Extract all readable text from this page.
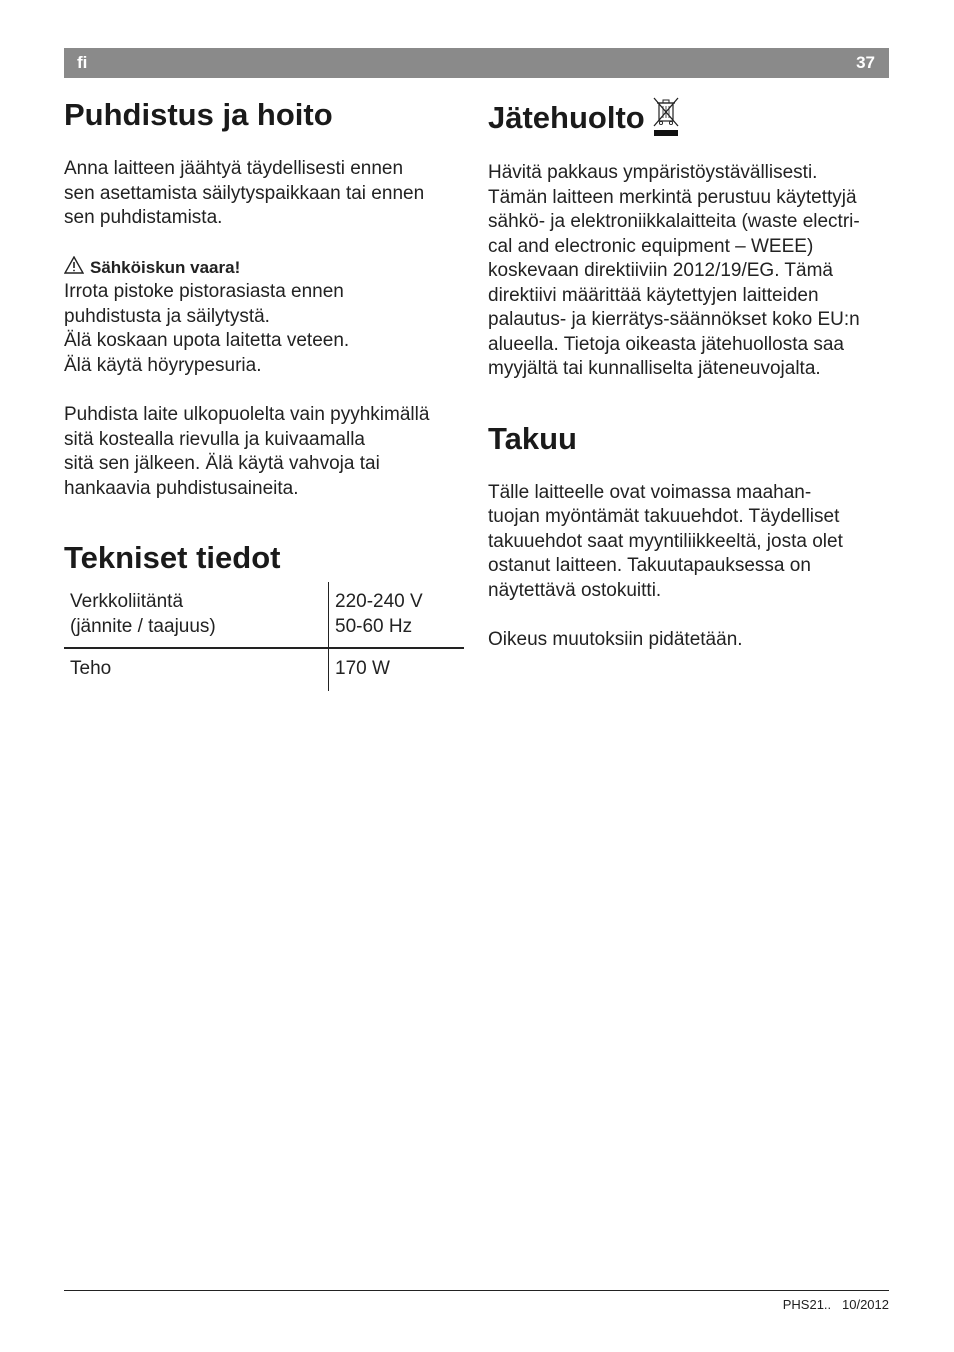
fi	37
Puhdistus ja hoito

Anna laitteen jäähtyä täydellisesti ennen
sen asettamista säilytyspaikkaan tai ennen
sen puhdistamista.

Sähköiskun vaara!
Irrota pistoke pistorasiasta ennen
puhdistusta ja säilytystä.
Älä koskaan upota laitetta veteen.
Älä käytä höyrypesuria.

Puhdista laite ulkopuolelta vain pyyhkimällä
sitä kostealla rievulla ja kuivaamalla
sitä sen jälkeen. Älä käytä vahvoja tai
hankaavia puhdistusaineita.

Tekniset tiedot
Verkkoliitäntä
(jännite / taajuus)	220-240 V
50-60 Hz
Teho	170 W
Jätehuolto

Hävitä pakkaus ympäristöystävällisesti.
Tämän laitteen merkintä perustuu käytettyjä
sähkö- ja elektroniikkalaitteita (waste electri-
cal and electronic equipment – WEEE)
koskevaan direktiiviin 2012/19/EG. Tämä
direktiivi määrittää käytettyjen laitteiden
palautus- ja kierrätys-säännökset koko EU:n
alueella. Tietoja oikeasta jätehuollosta saa
myyjältä tai kunnalliselta jäteneuvojalta.

Takuu

Tälle laitteelle ovat voimassa maahan-
tuojan myöntämät takuuehdot. Täydelliset
takuuehdot saat myyntiliikkeeltä, josta olet
ostanut laitteen. Takuutapauksessa on
näytettävä ostokuitti.

Oikeus muutoksiin pidätetään.

PHS21.. 10/2012
